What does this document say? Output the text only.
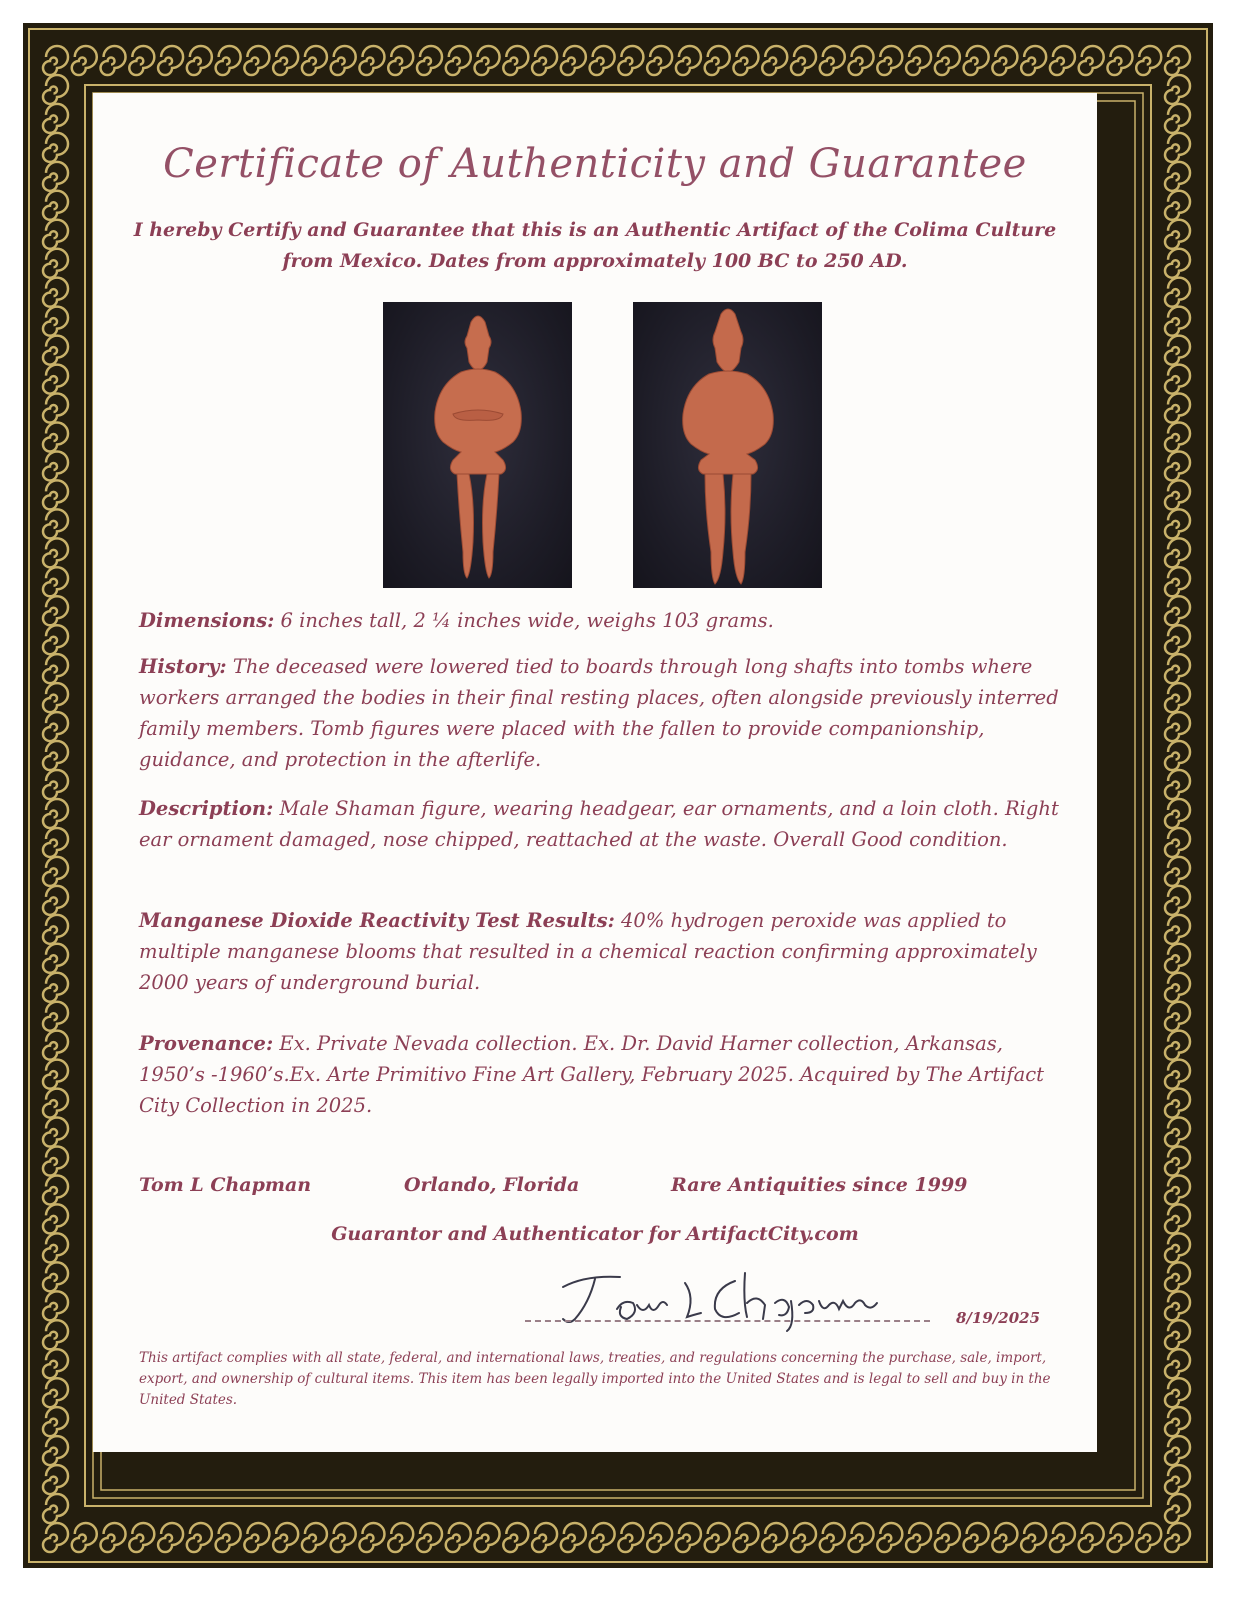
Certificate of Authenticity and Guarantee
I hereby Certify and Guarantee that this is an Authentic Artifact of the Colima Culture from Mexico. Dates from approximately 100 BC to 250 AD.
Dimensions: 6 inches tall, 2 ¼ inches wide, weighs 103 grams.
History: The deceased were lowered tied to boards through long shafts into tombs where workers arranged the bodies in their final resting places, often alongside previously interred family members. Tomb figures were placed with the fallen to provide companionship, guidance, and protection in the afterlife.
Description: Male Shaman figure, wearing headgear, ear ornaments, and a loin cloth. Right ear ornament damaged, nose chipped, reattached at the waste. Overall Good condition.
Manganese Dioxide Reactivity Test Results: 40% hydrogen peroxide was applied to multiple manganese blooms that resulted in a chemical reaction confirming approximately 2000 years of underground burial.
Provenance: Ex. Private Nevada collection. Ex. Dr. David Harner collection, Arkansas, 1950’s -1960’s.Ex. Arte Primitivo Fine Art Gallery, February 2025. Acquired by The Artifact City Collection in 2025.
Tom L Chapman	Orlando, Florida	Rare Antiquities since 1999
Guarantor and Authenticator for ArtifactCity.com
8/19/2025
This artifact complies with all state, federal, and international laws, treaties, and regulations concerning the purchase, sale, import, export, and ownership of cultural items. This item has been legally imported into the United States and is legal to sell and buy in the United States.
